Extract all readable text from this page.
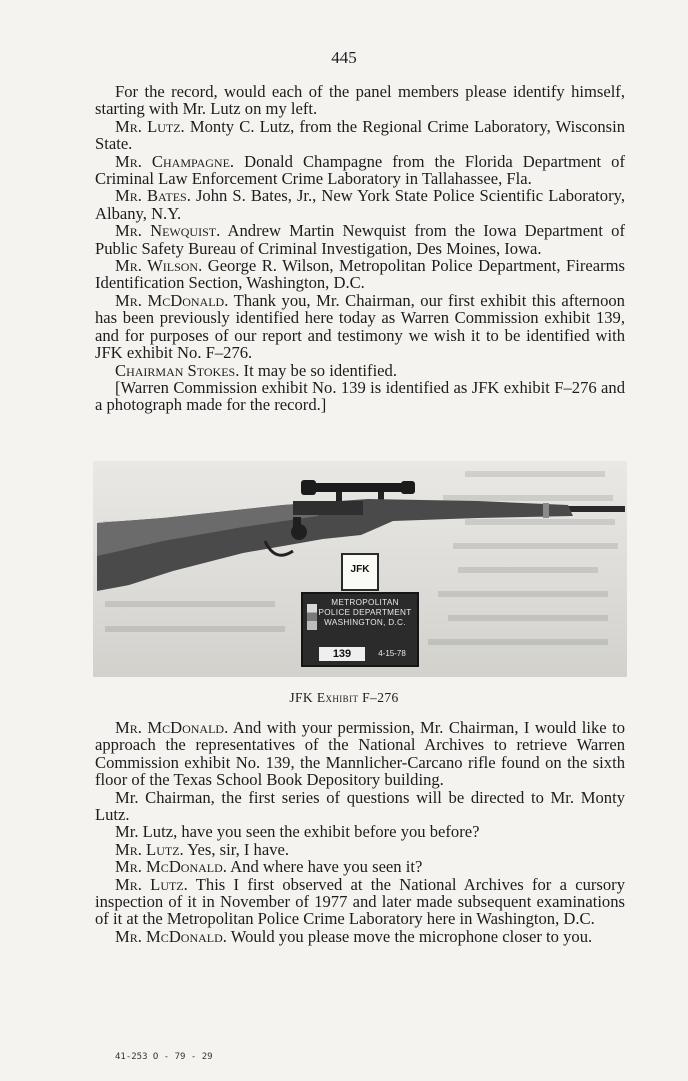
445

For the record, would each of the panel members please identify himself, starting with Mr. Lutz on my left.

Mr. Lutz. Monty C. Lutz, from the Regional Crime Laboratory, Wisconsin State.

Mr. Champagne. Donald Champagne from the Florida Department of Criminal Law Enforcement Crime Laboratory in Tallahassee, Fla.

Mr. Bates. John S. Bates, Jr., New York State Police Scientific Laboratory, Albany, N.Y.

Mr. Newquist. Andrew Martin Newquist from the Iowa Department of Public Safety Bureau of Criminal Investigation, Des Moines, Iowa.

Mr. Wilson. George R. Wilson, Metropolitan Police Department, Firearms Identification Section, Washington, D.C.

Mr. McDonald. Thank you, Mr. Chairman, our first exhibit this afternoon has been previously identified here today as Warren Commission exhibit 139, and for purposes of our report and testimony we wish it to be identified with JFK exhibit No. F–276.

Chairman Stokes. It may be so identified.

[Warren Commission exhibit No. 139 is identified as JFK exhibit F–276 and a photograph made for the record.]

JFK
METROPOLITAN
POLICE DEPARTMENT
WASHINGTON, D.C.
139	4-15-78
JFK Exhibit F–276

Mr. McDonald. And with your permission, Mr. Chairman, I would like to approach the representatives of the National Archives to retrieve Warren Commission exhibit No. 139, the Mannlicher-Carcano rifle found on the sixth floor of the Texas School Book Depository building.

Mr. Chairman, the first series of questions will be directed to Mr. Monty Lutz.

Mr. Lutz, have you seen the exhibit before you before?

Mr. Lutz. Yes, sir, I have.

Mr. McDonald. And where have you seen it?

Mr. Lutz. This I first observed at the National Archives for a cursory inspection of it in November of 1977 and later made subsequent examinations of it at the Metropolitan Police Crime Laboratory here in Washington, D.C.

Mr. McDonald. Would you please move the microphone closer to you.

41-253 O - 79 - 29
